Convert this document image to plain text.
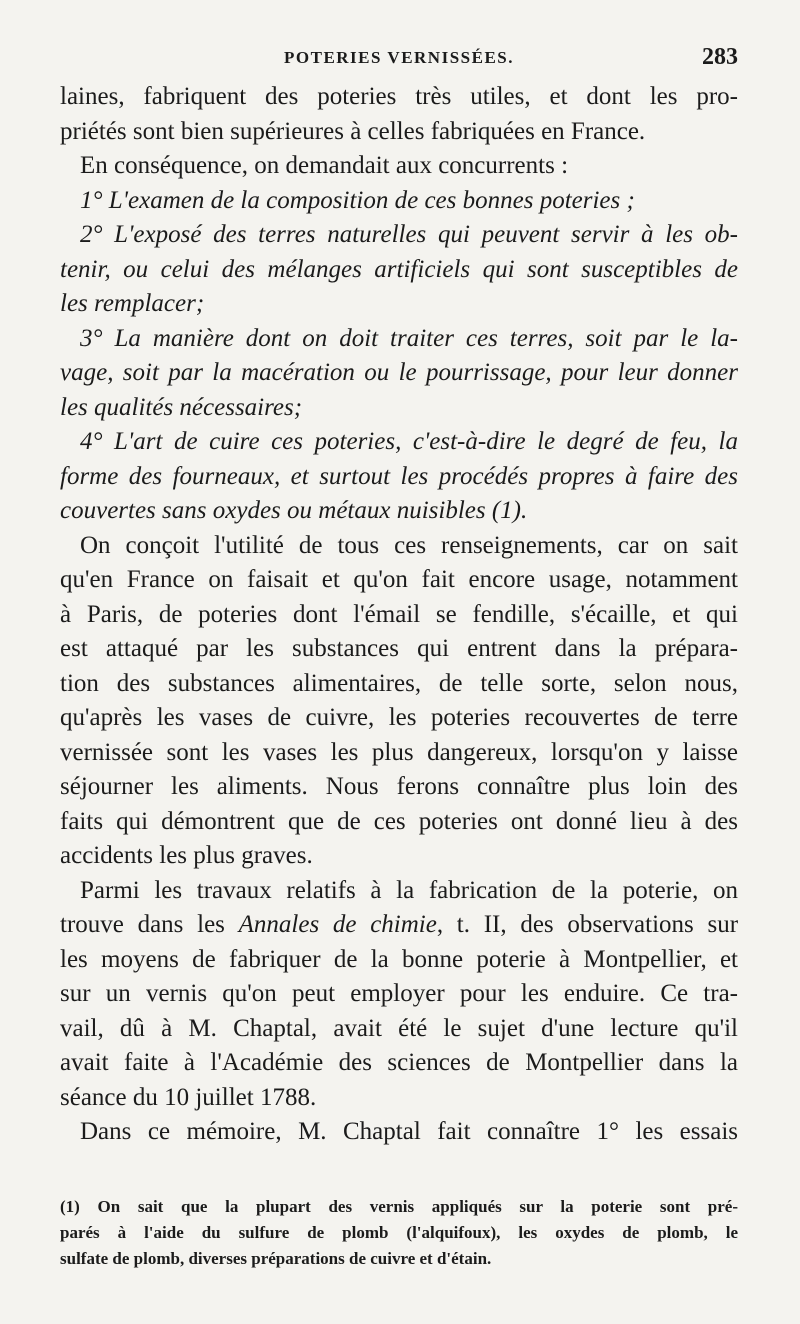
POTERIES VERNISSÉES.	283
laines, fabriquent des poteries très utiles, et dont les pro-
priétés sont bien supérieures à celles fabriquées en France.
En conséquence, on demandait aux concurrents :
1° L'examen de la composition de ces bonnes poteries ;
2° L'exposé des terres naturelles qui peuvent servir à les ob-
tenir, ou celui des mélanges artificiels qui sont susceptibles de
les remplacer;
3° La manière dont on doit traiter ces terres, soit par le la-
vage, soit par la macération ou le pourrissage, pour leur donner
les qualités nécessaires;
4° L'art de cuire ces poteries, c'est-à-dire le degré de feu, la
forme des fourneaux, et surtout les procédés propres à faire des
couvertes sans oxydes ou métaux nuisibles (1).
On conçoit l'utilité de tous ces renseignements, car on sait
qu'en France on faisait et qu'on fait encore usage, notamment
à Paris, de poteries dont l'émail se fendille, s'écaille, et qui
est attaqué par les substances qui entrent dans la prépara-
tion des substances alimentaires, de telle sorte, selon nous,
qu'après les vases de cuivre, les poteries recouvertes de terre
vernissée sont les vases les plus dangereux, lorsqu'on y laisse
séjourner les aliments. Nous ferons connaître plus loin des
faits qui démontrent que de ces poteries ont donné lieu à des
accidents les plus graves.
Parmi les travaux relatifs à la fabrication de la poterie, on
trouve dans les Annales de chimie, t. II, des observations sur
les moyens de fabriquer de la bonne poterie à Montpellier, et
sur un vernis qu'on peut employer pour les enduire. Ce tra-
vail, dû à M. Chaptal, avait été le sujet d'une lecture qu'il
avait faite à l'Académie des sciences de Montpellier dans la
séance du 10 juillet 1788.
Dans ce mémoire, M. Chaptal fait connaître 1° les essais
(1) On sait que la plupart des vernis appliqués sur la poterie sont pré-
parés à l'aide du sulfure de plomb (l'alquifoux), les oxydes de plomb, le
sulfate de plomb, diverses préparations de cuivre et d'étain.
